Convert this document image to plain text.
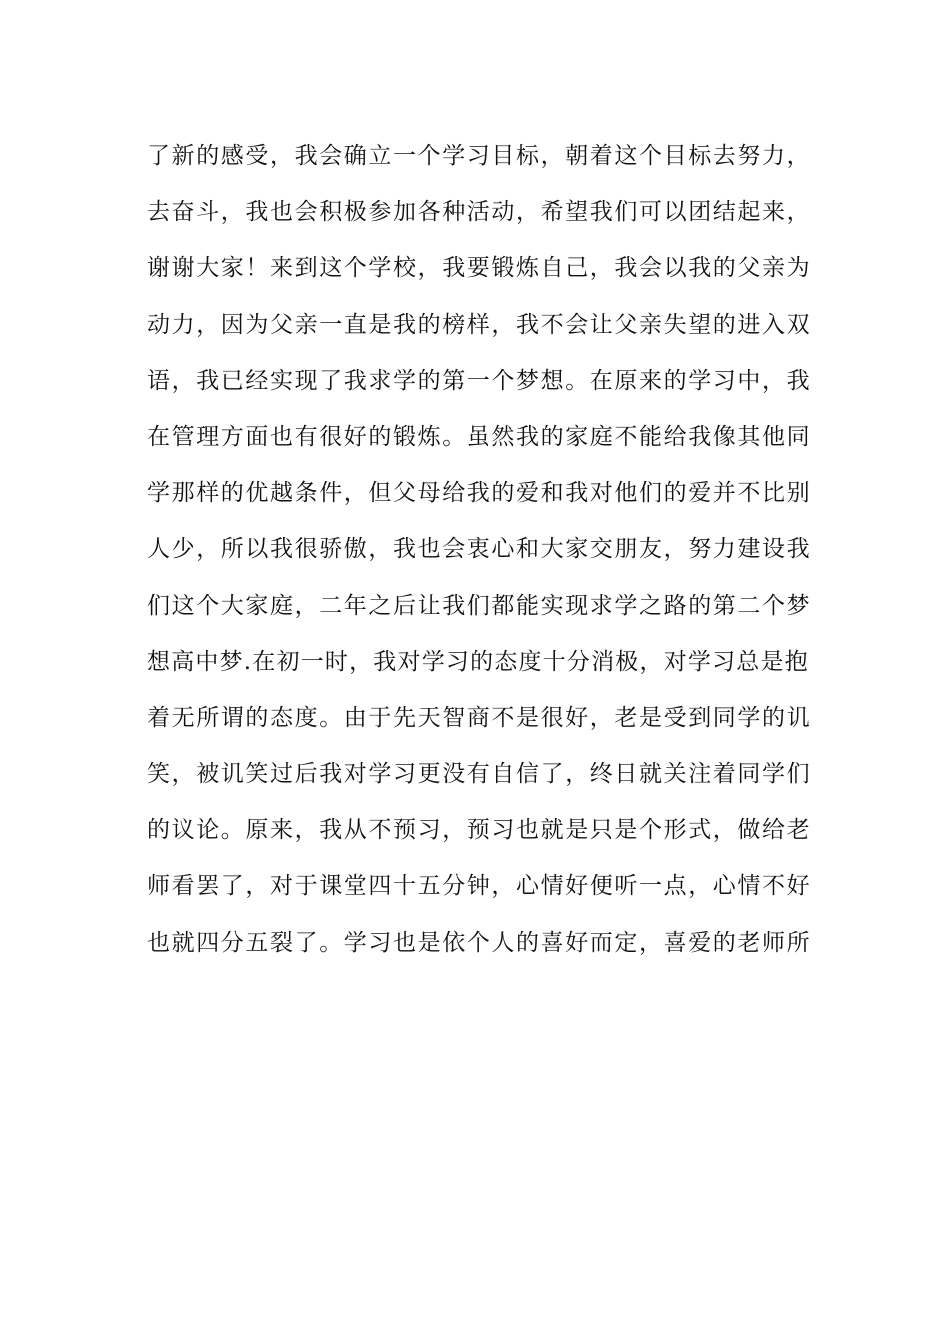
了新的感受，我会确立一个学习目标，朝着这个目标去努力，
去奋斗，我也会积极参加各种活动，希望我们可以团结起来，
谢谢大家！来到这个学校，我要锻炼自己，我会以我的父亲为
动力，因为父亲一直是我的榜样，我不会让父亲失望的进入双
语，我已经实现了我求学的第一个梦想。在原来的学习中，我
在管理方面也有很好的锻炼。虽然我的家庭不能给我像其他同
学那样的优越条件，但父母给我的爱和我对他们的爱并不比别
人少，所以我很骄傲，我也会衷心和大家交朋友，努力建设我
们这个大家庭，二年之后让我们都能实现求学之路的第二个梦
想高中梦.在初一时，我对学习的态度十分消极，对学习总是抱
着无所谓的态度。由于先天智商不是很好，老是受到同学的讥
笑，被讥笑过后我对学习更没有自信了，终日就关注着同学们
的议论。原来，我从不预习，预习也就是只是个形式，做给老
师看罢了，对于课堂四十五分钟，心情好便听一点，心情不好
也就四分五裂了。学习也是依个人的喜好而定，喜爱的老师所
